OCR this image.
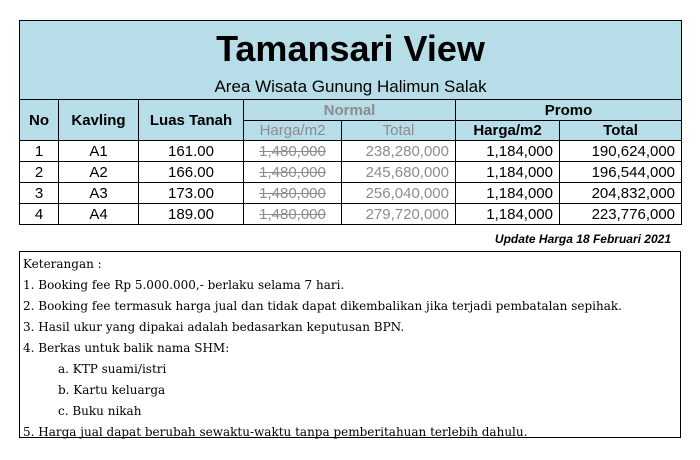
Tamansari View
Area Wisata Gunung Halimun Salak						

No	Kavling	Luas Tanah	Normal		Promo	
			Harga/m2	Total	Harga/m2	Total
1	A1	161.00	1,480,000	238,280,000	1,184,000	190,624,000
2	A2	166.00	1,480,000	245,680,000	1,184,000	196,544,000
3	A3	173.00	1,480,000	256,040,000	1,184,000	204,832,000
4	A4	189.00	1,480,000	279,720,000	1,184,000	223,776,000
Update Harga 18 Februari 2021
Keterangan :
1. Booking fee Rp 5.000.000,- berlaku selama 7 hari.
2. Booking fee termasuk harga jual dan tidak dapat dikembalikan jika terjadi pembatalan sepihak.
3. Hasil ukur yang dipakai adalah bedasarkan keputusan BPN.
4. Berkas untuk balik nama SHM:
a. KTP suami/istri
b. Kartu keluarga
c. Buku nikah
5. Harga jual dapat berubah sewaktu-waktu tanpa pemberitahuan terlebih dahulu.
